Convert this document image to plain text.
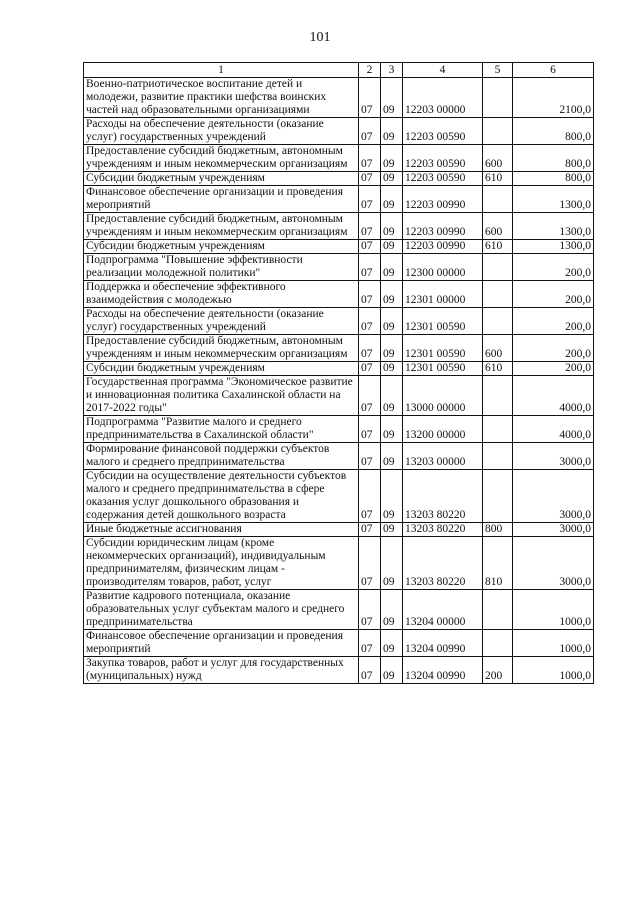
101
1	2	3	4	5	6
Военно-патриотическое воспитание детей и молодежи, развитие практики шефства воинских частей над образовательными организациями	07	09	12203 00000		2100,0
Расходы на обеспечение деятельности (оказание услуг) государственных учреждений	07	09	12203 00590		800,0
Предоставление субсидий бюджетным, автономным учреждениям и иным некоммерческим организациям	07	09	12203 00590	600	800,0
Субсидии бюджетным учреждениям	07	09	12203 00590	610	800,0
Финансовое обеспечение организации и проведения мероприятий	07	09	12203 00990		1300,0
Предоставление субсидий бюджетным, автономным учреждениям и иным некоммерческим организациям	07	09	12203 00990	600	1300,0
Субсидии бюджетным учреждениям	07	09	12203 00990	610	1300,0
Подпрограмма "Повышение эффективности реализации молодежной политики"	07	09	12300 00000		200,0
Поддержка и обеспечение эффективного взаимодействия с молодежью	07	09	12301 00000		200,0
Расходы на обеспечение деятельности (оказание услуг) государственных учреждений	07	09	12301 00590		200,0
Предоставление субсидий бюджетным, автономным учреждениям и иным некоммерческим организациям	07	09	12301 00590	600	200,0
Субсидии бюджетным учреждениям	07	09	12301 00590	610	200,0
Государственная программа "Экономическое развитие и инновационная политика Сахалинской области на 2017-2022 годы"	07	09	13000 00000		4000,0
Подпрограмма "Развитие малого и среднего предпринимательства в Сахалинской области"	07	09	13200 00000		4000,0
Формирование финансовой поддержки субъектов малого и среднего предпринимательства	07	09	13203 00000		3000,0
Субсидии на осуществление деятельности субъектов малого и среднего предпринимательства в сфере оказания услуг дошкольного образования и содержания детей дошкольного возраста	07	09	13203 80220		3000,0
Иные бюджетные ассигнования	07	09	13203 80220	800	3000,0
Субсидии юридическим лицам (кроме некоммерческих организаций), индивидуальным предпринимателям, физическим лицам - производителям товаров, работ, услуг	07	09	13203 80220	810	3000,0
Развитие кадрового потенциала, оказание образовательных услуг субъектам малого и среднего предпринимательства	07	09	13204 00000		1000,0
Финансовое обеспечение организации и проведения мероприятий	07	09	13204 00990		1000,0
Закупка товаров, работ и услуг для государственных (муниципальных) нужд	07	09	13204 00990	200	1000,0
